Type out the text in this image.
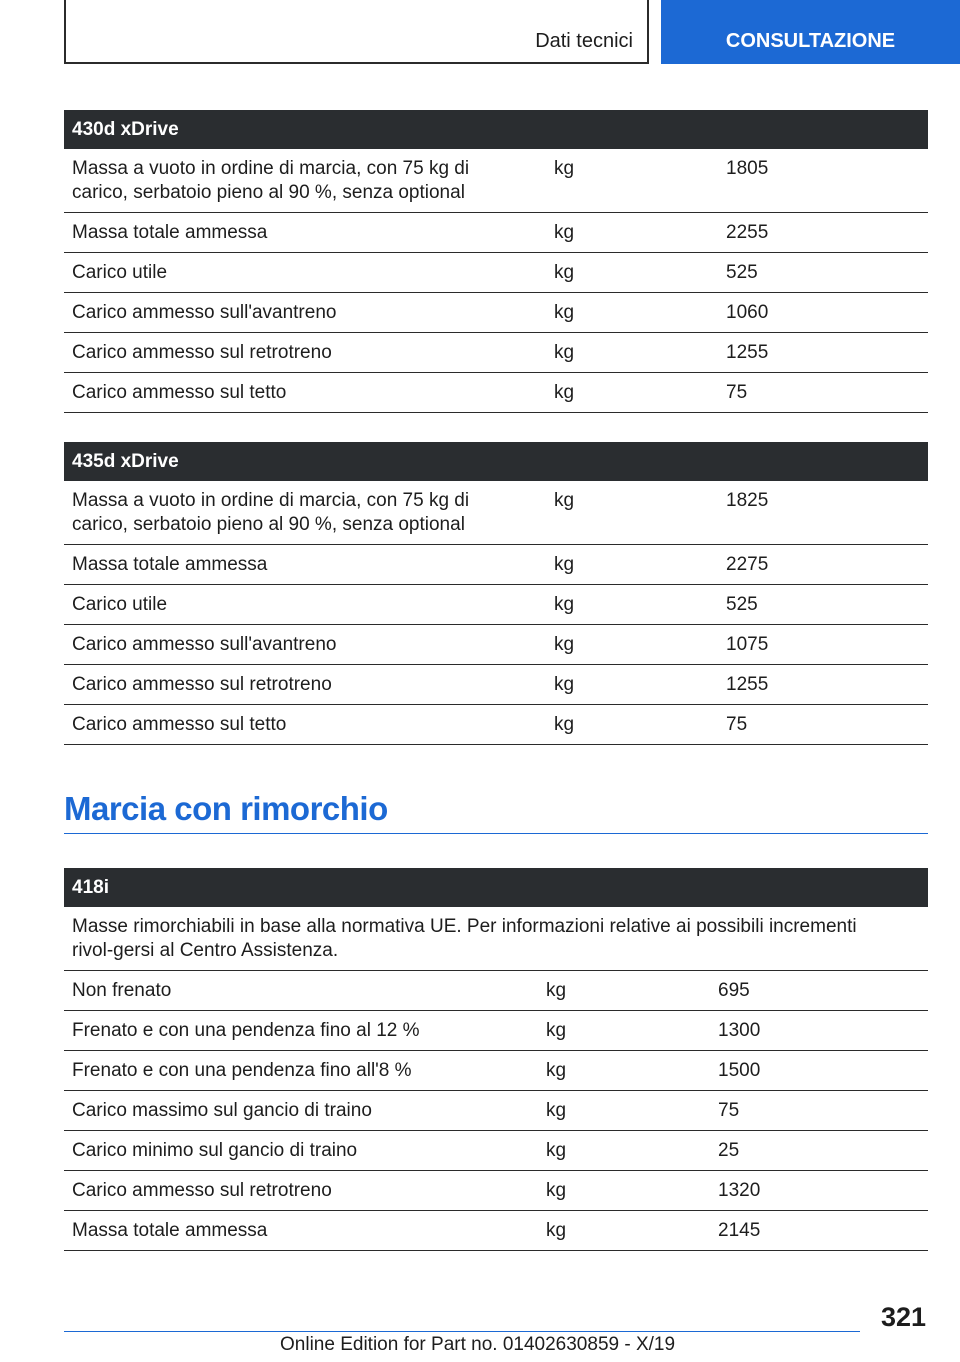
Dati tecnici	CONSULTAZIONE
430d xDrive		
Massa a vuoto in ordine di marcia, con 75 kg di carico, serbatoio pieno al 90 %, senza optional	kg	1805
Massa totale ammessa	kg	2255
Carico utile	kg	525
Carico ammesso sull'avantreno	kg	1060
Carico ammesso sul retrotreno	kg	1255
Carico ammesso sul tetto	kg	75
435d xDrive		
Massa a vuoto in ordine di marcia, con 75 kg di carico, serbatoio pieno al 90 %, senza optional	kg	1825
Massa totale ammessa	kg	2275
Carico utile	kg	525
Carico ammesso sull'avantreno	kg	1075
Carico ammesso sul retrotreno	kg	1255
Carico ammesso sul tetto	kg	75
Marcia con rimorchio
418i		
Masse rimorchiabili in base alla normativa UE. Per informazioni relative ai possibili incrementi rivol-gersi al Centro Assistenza.		
Non frenato	kg	695
Frenato e con una pendenza fino al 12 %	kg	1300
Frenato e con una pendenza fino all'8 %	kg	1500
Carico massimo sul gancio di traino	kg	75
Carico minimo sul gancio di traino	kg	25
Carico ammesso sul retrotreno	kg	1320
Massa totale ammessa	kg	2145
321
Online Edition for Part no. 01402630859 - X/19
